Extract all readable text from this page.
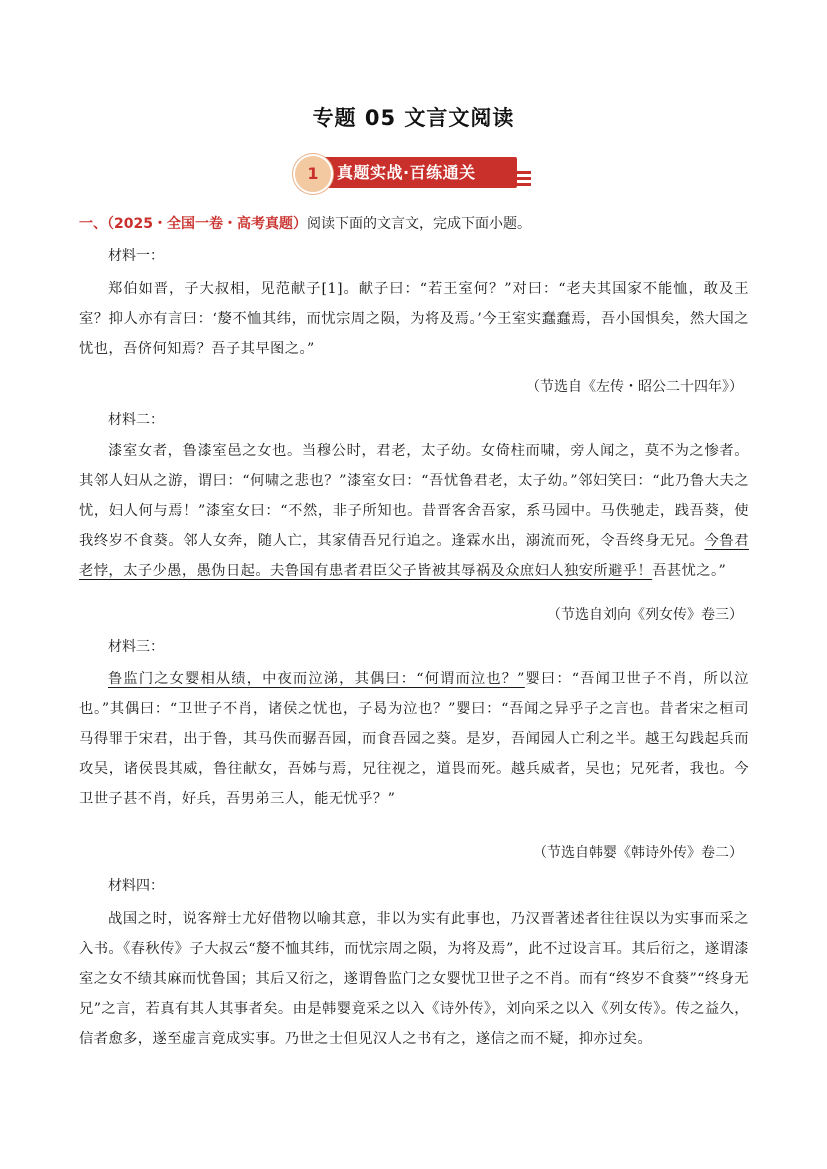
专题 05 文言文阅读
1	真题实战·百练通关
一、（2025・全国一卷・高考真题）阅读下面的文言文，完成下面小题。
材料一：
郑伯如晋，子大叔相，见范献子[1]。献子曰：“若王室何？”对曰：“老夫其国家不能恤，敢及王室？抑人亦有言曰：‘嫠不恤其纬，而忧宗周之陨，为将及焉。’今王室实蠢蠢焉，吾小国惧矣，然大国之忧也，吾侪何知焉？吾子其早图之。”
（节选自《左传・昭公二十四年》）
材料二：
漆室女者，鲁漆室邑之女也。当穆公时，君老，太子幼。女倚柱而啸，旁人闻之，莫不为之惨者。其邻人妇从之游，谓曰：“何啸之悲也？”漆室女曰：“吾忧鲁君老，太子幼。”邻妇笑曰：“此乃鲁大夫之忧，妇人何与焉！”漆室女曰：“不然，非子所知也。昔晋客舍吾家，系马园中。马佚驰走，践吾葵，使我终岁不食葵。邻人女奔，随人亡，其家倩吾兄行追之。逢霖水出，溺流而死，令吾终身无兄。今鲁君老悖，太子少愚，愚伪日起。夫鲁国有患者君臣父子皆被其辱祸及众庶妇人独安所避乎！吾甚忧之。”
（节选自刘向《列女传》卷三）
材料三：
鲁监门之女婴相从绩，中夜而泣涕，其偶曰：“何谓而泣也？”婴曰：“吾闻卫世子不肖，所以泣也。”其偶曰：“卫世子不肖，诸侯之忧也，子曷为泣也？”婴曰：“吾闻之异乎子之言也。昔者宋之桓司马得罪于宋君，出于鲁，其马佚而骣吾园，而食吾园之葵。是岁，吾闻园人亡利之半。越王勾践起兵而攻吴，诸侯畏其威，鲁往献女，吾姊与焉，兄往视之，道畏而死。越兵威者，吴也；兄死者，我也。今卫世子甚不肖，好兵，吾男弟三人，能无忧乎？”
（节选自韩婴《韩诗外传》卷二）
材料四：
战国之时，说客辩士尤好借物以喻其意，非以为实有此事也，乃汉晋著述者往往误以为实事而采之入书。《春秋传》子大叔云“嫠不恤其纬，而忧宗周之陨，为将及焉”，此不过设言耳。其后衍之，遂谓漆室之女不绩其麻而忧鲁国；其后又衍之，遂谓鲁监门之女婴忧卫世子之不肖。而有“终岁不食葵”“终身无兄”之言，若真有其人其事者矣。由是韩婴竟采之以入《诗外传》，刘向采之以入《列女传》。传之益久，信者愈多，遂至虚言竟成实事。乃世之士但见汉人之书有之，遂信之而不疑，抑亦过矣。
